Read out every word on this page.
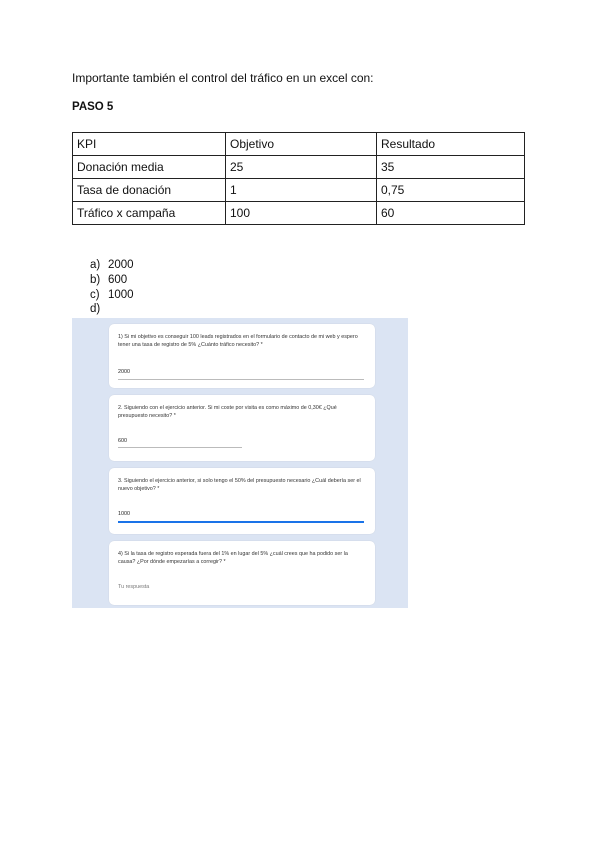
Importante también el control del tráfico en un excel con:
PASO 5
KPI	Objetivo	Resultado
Donación media	25	35
Tasa de donación	1	0,75
Tráfico x campaña	100	60
a) 2000
b) 600
c) 1000
d)
1) Si mi objetivo es conseguir 100 leads registrados en el formulario de contacto de mi web y espero tener una tasa de registro de 5% ¿Cuánto tráfico necesito? *
2000
2. Siguiendo con el ejercicio anterior. Si mi coste por visita es como máximo de 0,30€ ¿Qué presupuesto necesito? *
600
3. Siguiendo el ejercicio anterior, si solo tengo el 50% del presupuesto necesario ¿Cuál debería ser el nuevo objetivo? *
1000
4) Si la tasa de registro esperada fuera del 1% en lugar del 5% ¿cuál crees que ha podido ser la causa? ¿Por dónde empezarías a corregir? *
Tu respuesta
